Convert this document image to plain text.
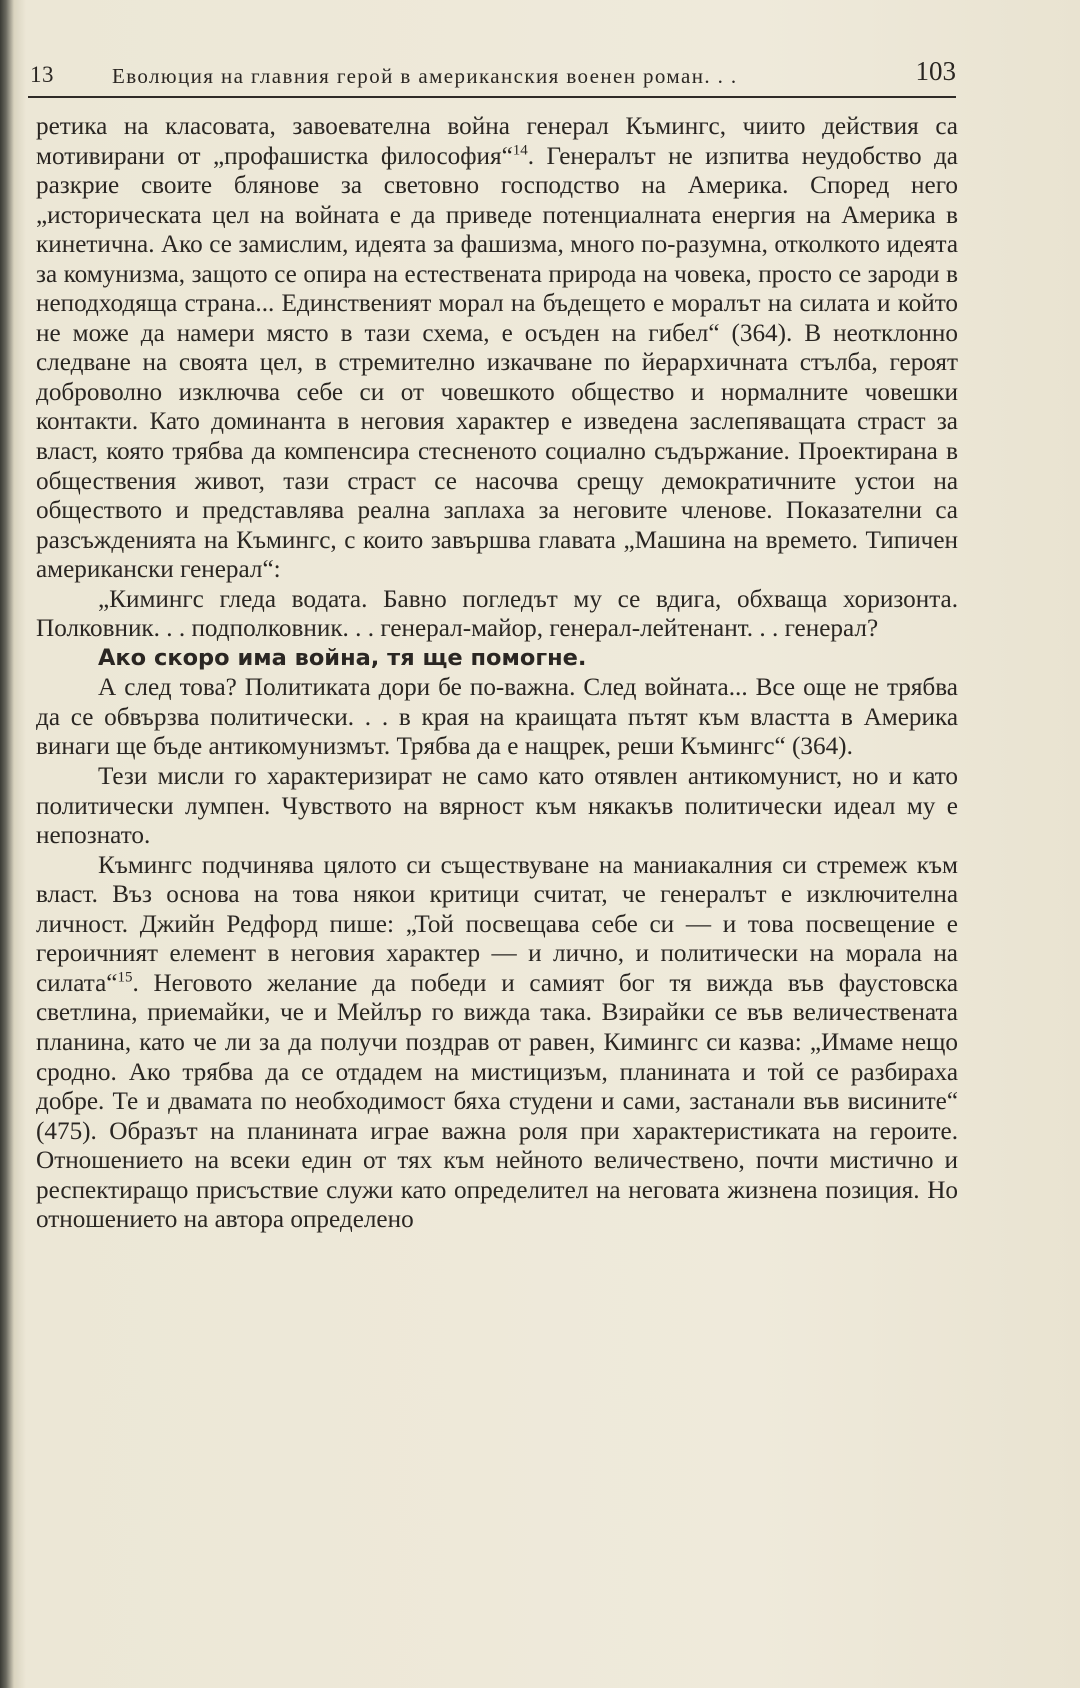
13	Еволюция на главния герой в американския военен роман. . .	103

ретика на класовата, завоевателна война генерал Къмингс, чиито действия са мотивирани от „профашистка философия“$^{14}$. Генералът не изпитва неудобство да разкрие своите блянове за световно господство на Америка. Според него „историческата цел на войната е да приведе потенциалната енергия на Америка в кинетична. Ако се замислим, идеята за фашизма, много по-разумна, отколкото идеята за комунизма, защото се опира на естествената природа на човека, просто се зароди в неподходяща страна... Единственият морал на бъдещето е моралът на силата и който не може да намери място в тази схема, е осъден на гибел“ (364). В неотклонно следване на своята цел, в стремително изкачване по йерархичната стълба, героят доброволно изключва себе си от човешкото общество и нормалните човешки контакти. Като доминанта в неговия характер е изведена заслепяващата страст за власт, която трябва да компенсира стесненото социално съдържание. Проектирана в обществения живот, тази страст се насочва срещу демократичните устои на обществото и представлява реална заплаха за неговите членове. Показателни са разсъжденията на Къмингс, с които завършва главата „Машина на времето. Типичен американски генерал“:

„Кимингс гледа водата. Бавно погледът му се вдига, обхваща хоризонта. Полковник. . . подполковник. . . генерал-майор, генерал-лейтенант. . . генерал?

Ако скоро има война, тя ще помогне.

А след това? Политиката дори бе по-важна. След войната... Все още не трябва да се обвързва политически. . . в края на краищата пътят към властта в Америка винаги ще бъде антикомунизмът. Трябва да е нащрек, реши Къмингс“ (364).

Тези мисли го характеризират не само като отявлен антикомунист, но и като политически лумпен. Чувството на вярност към някакъв политически идеал му е непознато.

Къмингс подчинява цялото си съществуване на маниакалния си стремеж към власт. Въз основа на това някои критици считат, че генералът е изключителна личност. Джийн Редфорд пише: „Той посвещава себе си — и това посвещение е героичният елемент в неговия характер — и лично, и политически на морала на силата“$^{15}$. Неговото желание да победи и самият бог тя вижда във фаустовска светлина, приемайки, че и Мейлър го вижда така. Взирайки се във величествената планина, като че ли за да получи поздрав от равен, Кимингс си казва: „Имаме нещо сродно. Ако трябва да се отдадем на мистицизъм, планината и той се разбираха добре. Те и двамата по необходимост бяха студени и сами, застанали във висините“ (475). Образът на планината играе важна роля при характеристиката на героите. Отношението на всеки един от тях към нейното величествено, почти мистично и респектиращо присъствие служи като определител на неговата жизнена позиция. Но отношението на автора определено
